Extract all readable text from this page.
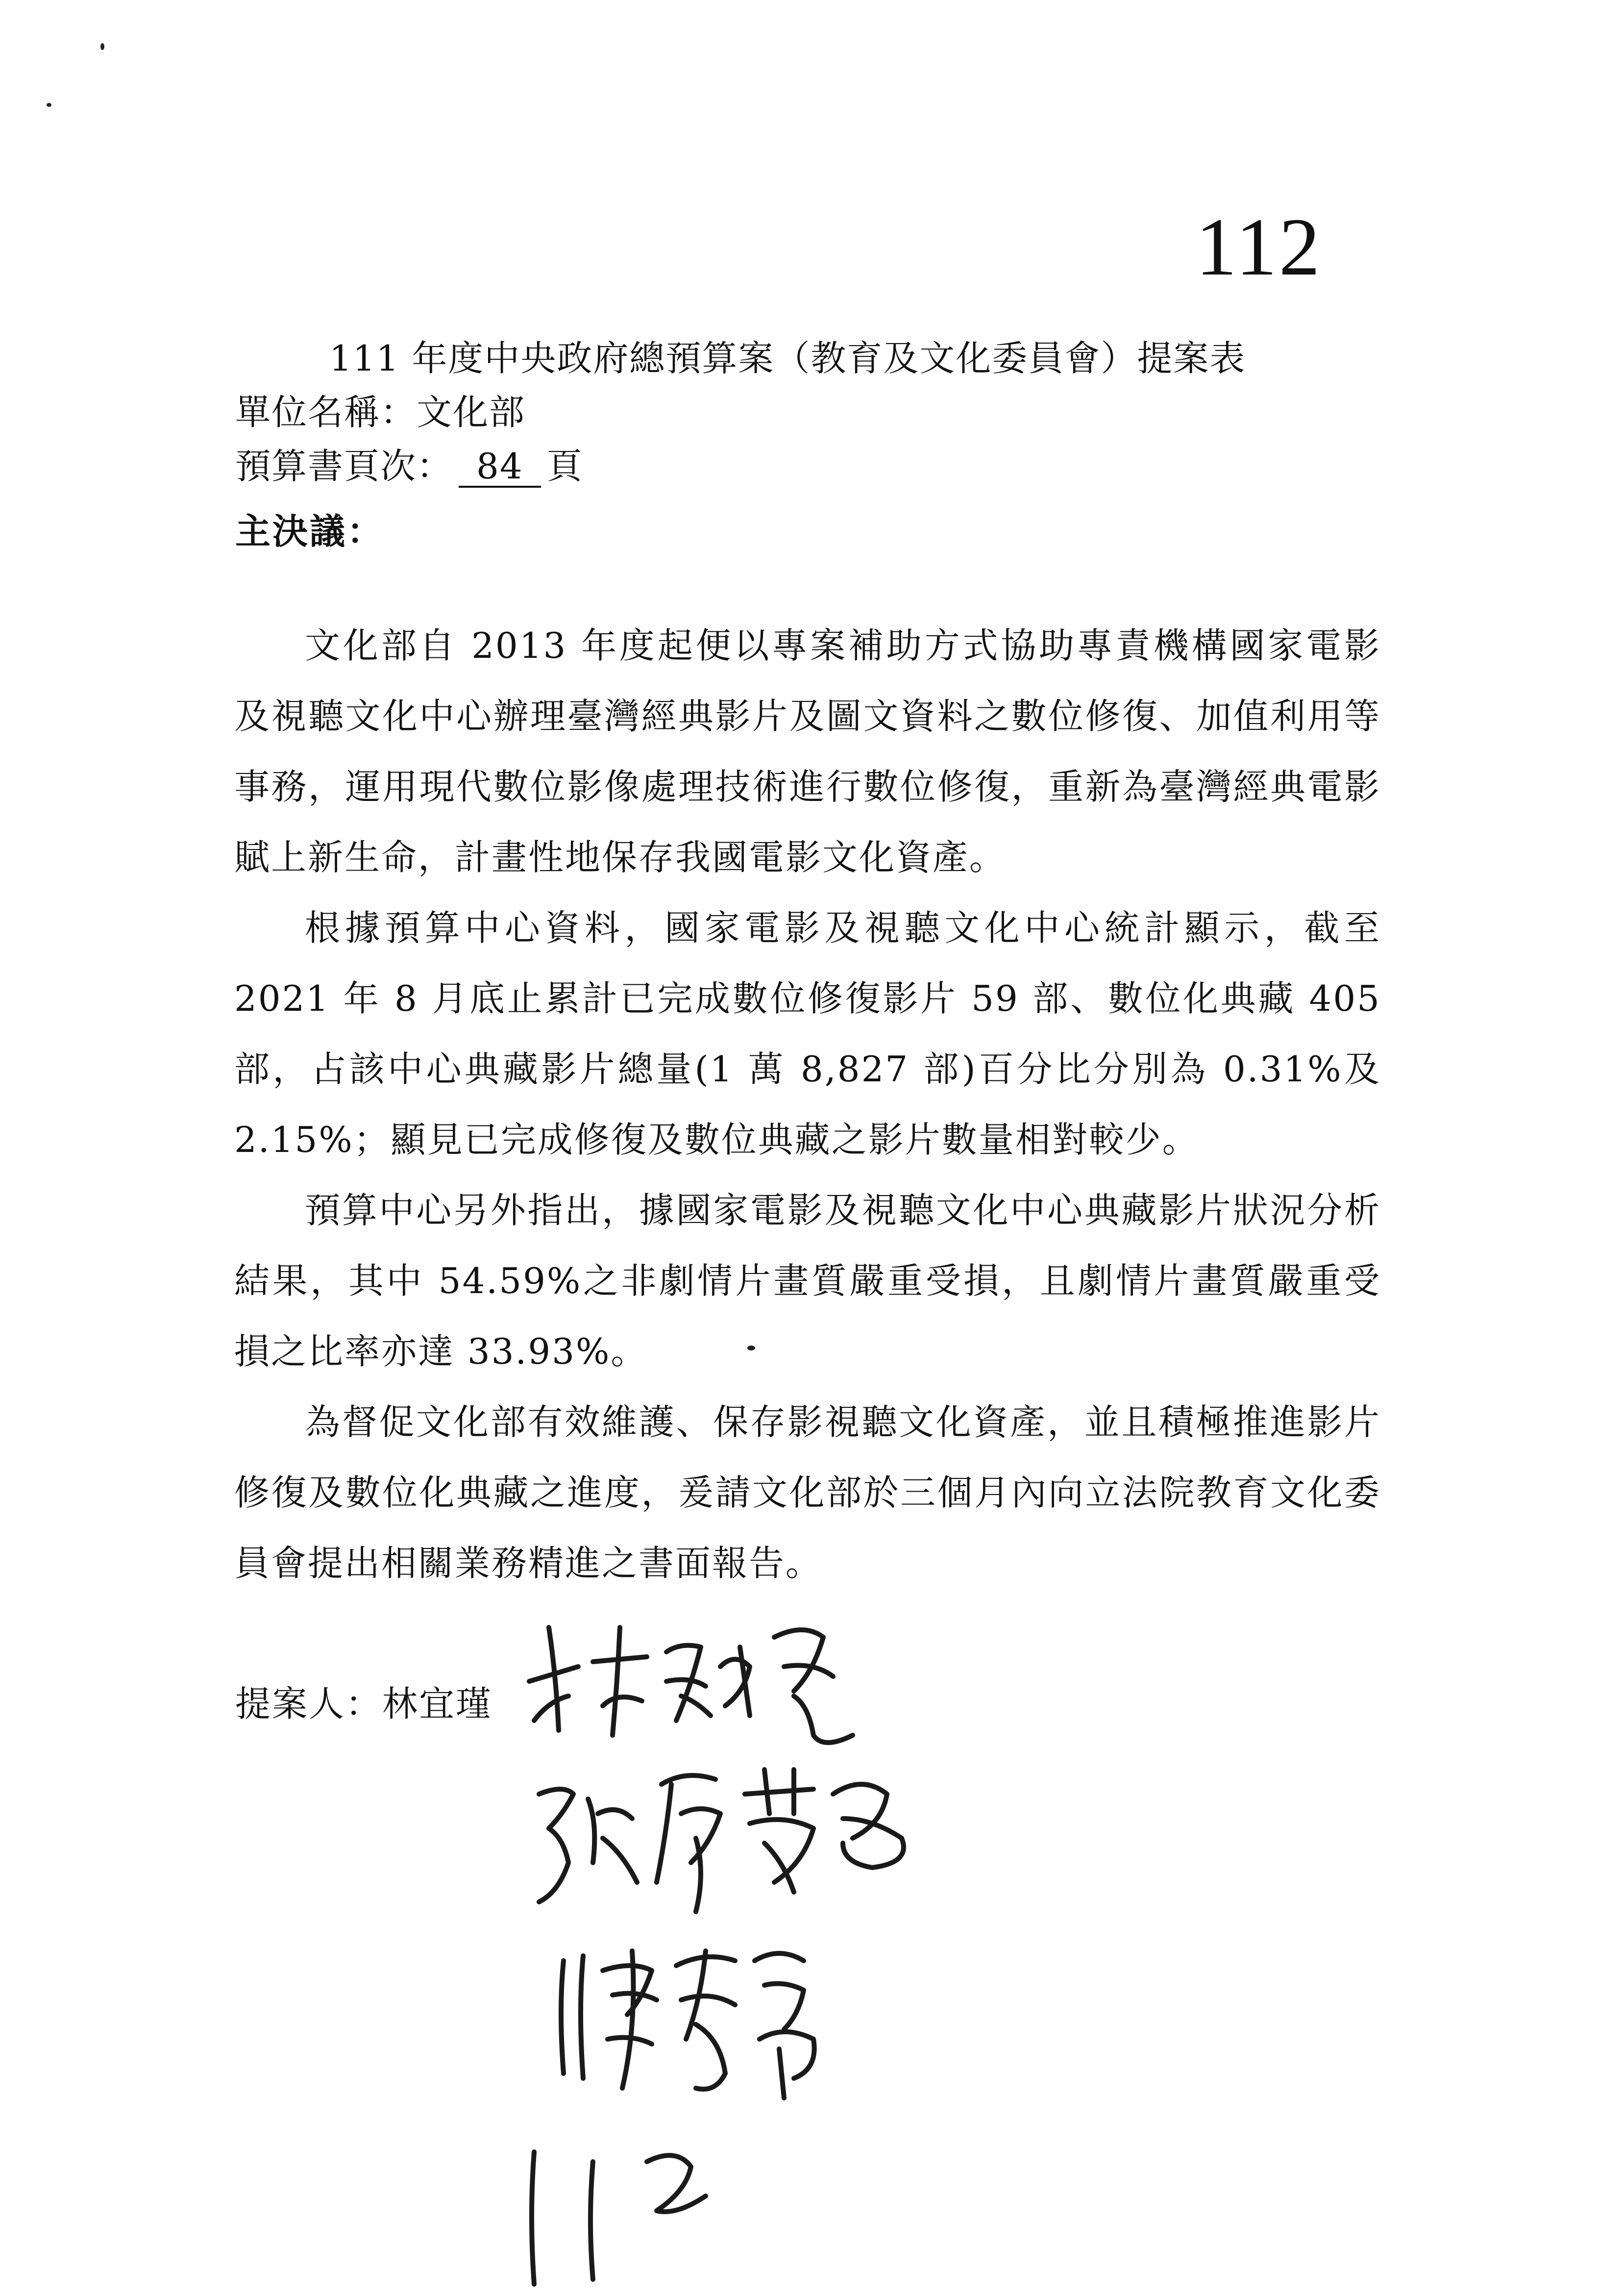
112
111 年度中央政府總預算案（教育及文化委員會）提案表
單位名稱：文化部
預算書頁次： 84 頁
主決議：

文化部自 2013 年度起便以專案補助方式協助專責機構國家電影及視聽文化中心辦理臺灣經典影片及圖文資料之數位修復、加值利用等事務，運用現代數位影像處理技術進行數位修復，重新為臺灣經典電影賦上新生命，計畫性地保存我國電影文化資產。

根據預算中心資料，國家電影及視聽文化中心統計顯示，截至 2021 年 8 月底止累計已完成數位修復影片 59 部、數位化典藏 405 部，占該中心典藏影片總量(1 萬 8,827 部)百分比分別為 0.31%及 2.15%；顯見已完成修復及數位典藏之影片數量相對較少。

預算中心另外指出，據國家電影及視聽文化中心典藏影片狀況分析結果，其中 54.59%之非劇情片畫質嚴重受損，且劇情片畫質嚴重受損之比率亦達 33.93%。

為督促文化部有效維護、保存影視聽文化資產，並且積極推進影片修復及數位化典藏之進度，爰請文化部於三個月內向立法院教育文化委員會提出相關業務精進之書面報告。

提案人：林宜瑾
